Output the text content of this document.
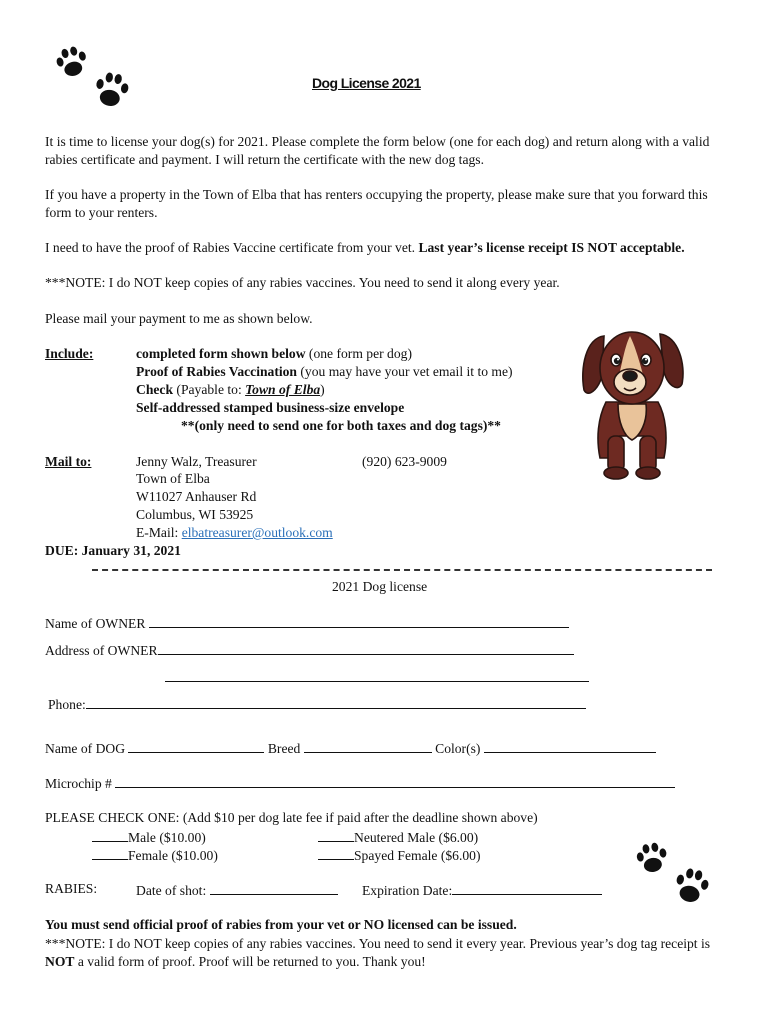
Dog License 2021
It is time to license your dog(s) for 2021. Please complete the form below (one for each dog) and return along with a valid rabies certificate and payment. I will return the certificate with the new dog tags.
If you have a property in the Town of Elba that has renters occupying the property, please make sure that you forward this form to your renters.
I need to have the proof of Rabies Vaccine certificate from your vet. Last year’s license receipt IS NOT acceptable.
***NOTE: I do NOT keep copies of any rabies vaccines. You need to send it along every year.
Please mail your payment to me as shown below.
Include:	completed form shown below (one form per dog)
Proof of Rabies Vaccination (you may have your vet email it to me)
Check (Payable to: Town of Elba)
Self-addressed stamped business-size envelope
**(only need to send one for both taxes and dog tags)**
Mail to:	Jenny Walz, Treasurer	(920) 623-9009
Town of Elba
W11027 Anhauser Rd
Columbus, WI 53925
E-Mail: elbatreasurer@outlook.com
DUE: January 31, 2021
2021 Dog license
Name of OWNER
Address of OWNER
Phone:
Name of DOG	Breed	Color(s)
Microchip #
PLEASE CHECK ONE: (Add $10 per dog late fee if paid after the deadline shown above)
Male ($10.00)	Neutered Male ($6.00)
Female ($10.00)	Spayed Female ($6.00)
RABIES:	Date of shot:	Expiration Date:
You must send official proof of rabies from your vet or NO licensed can be issued.
***NOTE: I do NOT keep copies of any rabies vaccines. You need to send it every year. Previous year’s dog tag receipt is NOT a valid form of proof. Proof will be returned to you. Thank you!
